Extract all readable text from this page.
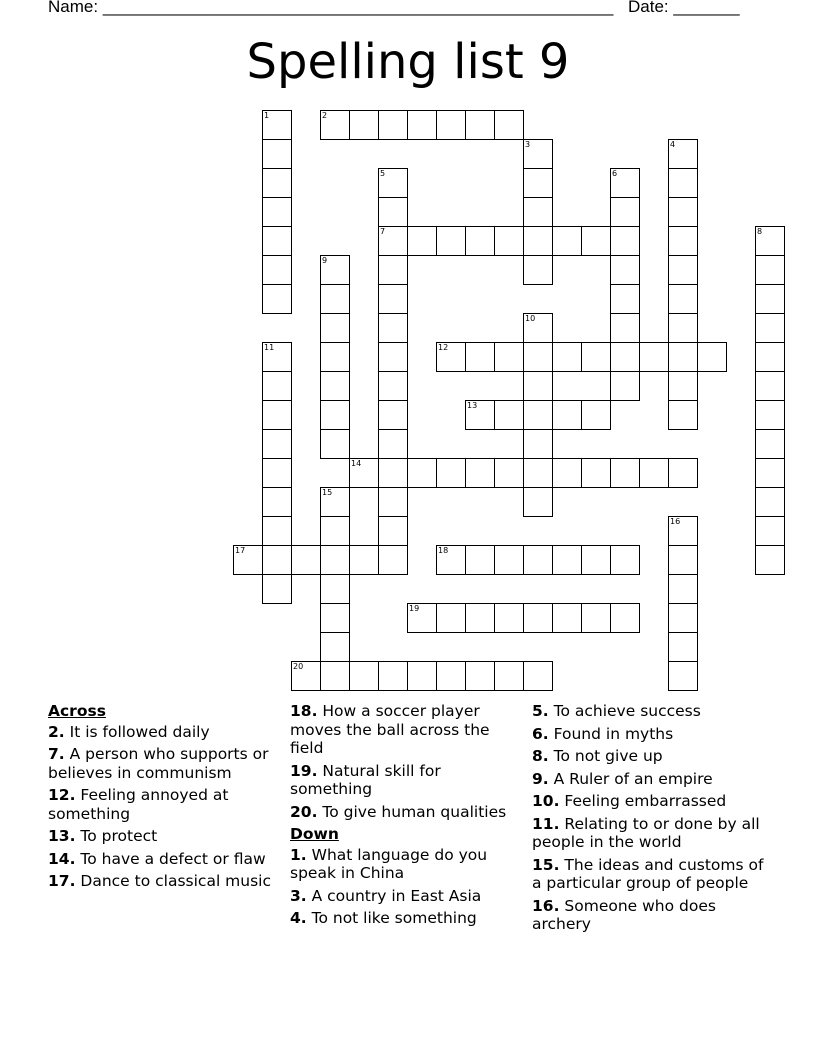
Name: ______________________________________________________ Date: _______
Spelling list 9
1	2
3	4
5	6
7	8
9
10
11	12
13
14
15
16
17	18
19
20
Across
2. It is followed daily
7. A person who supports or believes in communism
12. Feeling annoyed at something
13. To protect
14. To have a defect or flaw
17. Dance to classical music
18. How a soccer player moves the ball across the field
19. Natural skill for something
20. To give human qualities
Down
1. What language do you speak in China
3. A country in East Asia
4. To not like something
5. To achieve success
6. Found in myths
8. To not give up
9. A Ruler of an empire
10. Feeling embarrassed
11. Relating to or done by all people in the world
15. The ideas and customs of a particular group of people
16. Someone who does archery
